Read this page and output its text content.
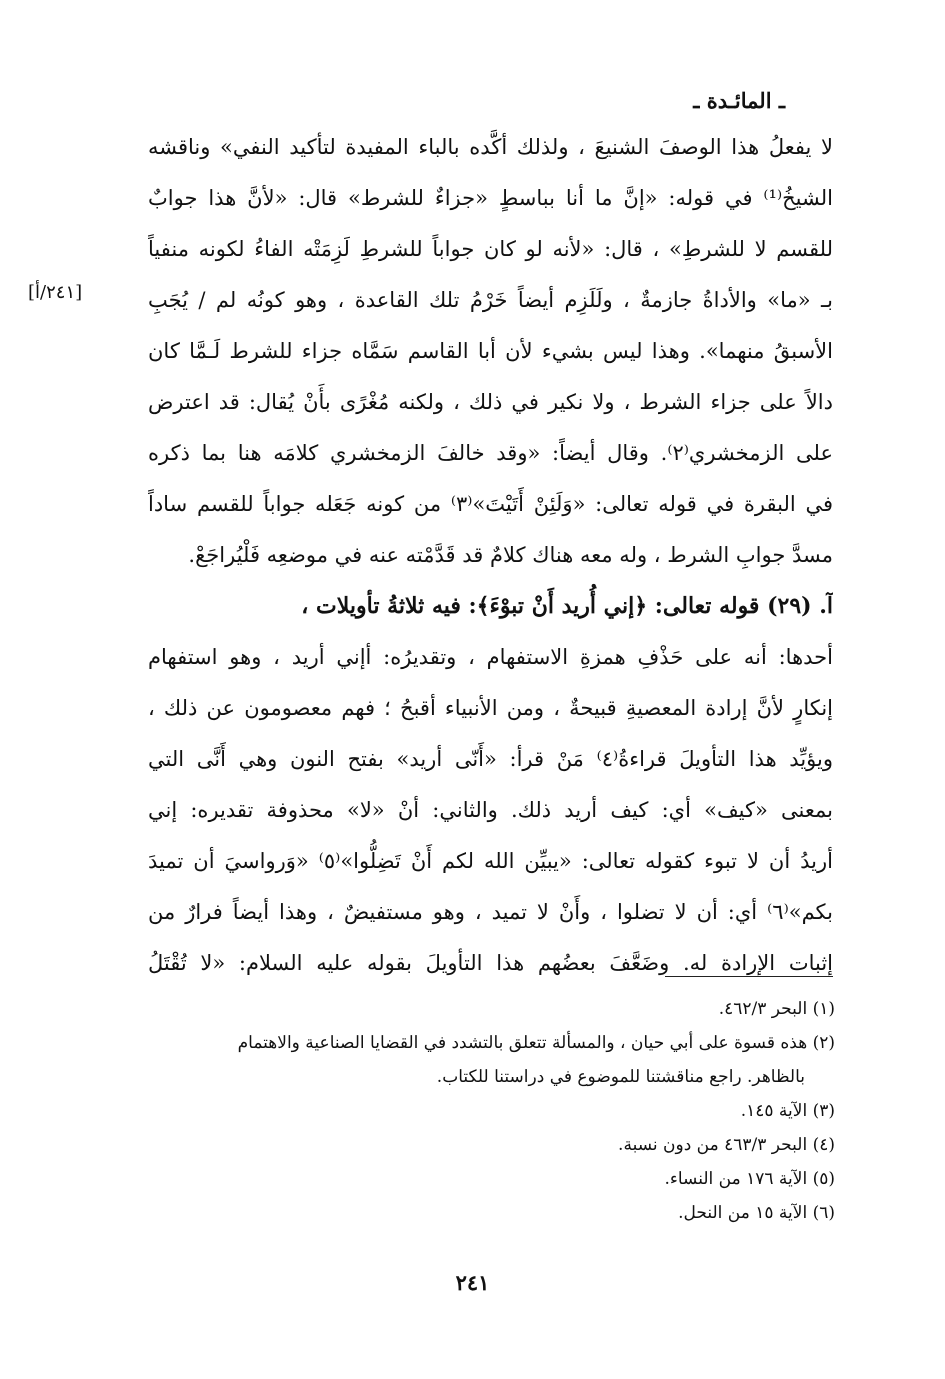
ـ المائـدة ـ
[٢٤١/أ]
لا يفعلُ هذا الوصفَ الشنيعَ ، ولذلك أكَّده بالباء المفيدة لتأكيد النفي» وناقشه
الشيخُ⁽¹⁾ في قوله: «إنَّ ما أنا بباسطٍ «جزاءٌ للشرط» قال: «لأنَّ هذا جوابٌ
للقسم لا للشرطِ» ، قال: «لأنه لو كان جواباً للشرطِ لَزِمَتْه الفاءُ لكونه منفياً
بـ «ما» والأداةُ جازمةٌ ، ولَلَزِم أيضاً خَرْمُ تلك القاعدة ، وهو كونُه لم / يُجَبِ
الأسبقُ منهما». وهذا ليس بشيء لأن أبا القاسم سَمَّاه جزاء للشرط لَـمَّا كان
دالاً على جزاء الشرط ، ولا نكير في ذلك ، ولكنه مُغْرًى بأَنْ يُقال: قد اعترض
على الزمخشري⁽٢⁾. وقال أيضاً: «وقد خالفَ الزمخشري كلامَه هنا بما ذكره
في البقرة في قوله تعالى: «وَلَئِنْ أَتَيْتَ»⁽٣⁾ من كونه جَعَله جواباً للقسم ساداً
مسدَّ جوابِ الشرط ، وله معه هناك كلامٌ قد قَدَّمْته عنه في موضعِه فَلْيُراجَعْ.
آ. (٢٩) قوله تعالى: ﴿إني أُريد أَنْ تبوْءَ﴾: فيه ثلاثةُ تأويلات ،
أحدها: أنه على حَذْفِ همزةِ الاستفهام ، وتقديرُه: أإني أريد ، وهو استفهام
إنكارٍ لأنَّ إرادة المعصيةِ قبيحةٌ ، ومن الأنبياء أقبحُ ؛ فهم معصومون عن ذلك ،
ويؤيِّد هذا التأويلَ قراءةُ⁽٤⁾ مَنْ قرأ: «أَنّى أريد» بفتح النون وهي أَنَّى التي
بمعنى «كيف» أي: كيف أريد ذلك. والثاني: أنْ «لا» محذوفة تقديره: إني
أريدُ أن لا تبوء كقوله تعالى: «يبيِّن الله لكم أَنْ تَضِلُّوا»⁽٥⁾ «وَرواسيَ أن تميدَ
بكم»⁽٦⁾ أي: أن لا تضلوا ، وأَنْ لا تميد ، وهو مستفيضٌ ، وهذا أيضاً فرارٌ من
إثبات الإرادة له. وضَعَّفَ بعضُهم هذا التأويلَ بقوله عليه السلام: «لا تُقْتَلُ
(١) البحر ٤٦٢/٣.
(٢) هذه قسوة على أبي حيان ، والمسألة تتعلق بالتشدد في القضايا الصناعية والاهتمام
بالظاهر. راجع مناقشتنا للموضوع في دراستنا للكتاب.
(٣) الآية ١٤٥.
(٤) البحر ٤٦٣/٣ من دون نسبة.
(٥) الآية ١٧٦ من النساء.
(٦) الآية ١٥ من النحل.
٢٤١
